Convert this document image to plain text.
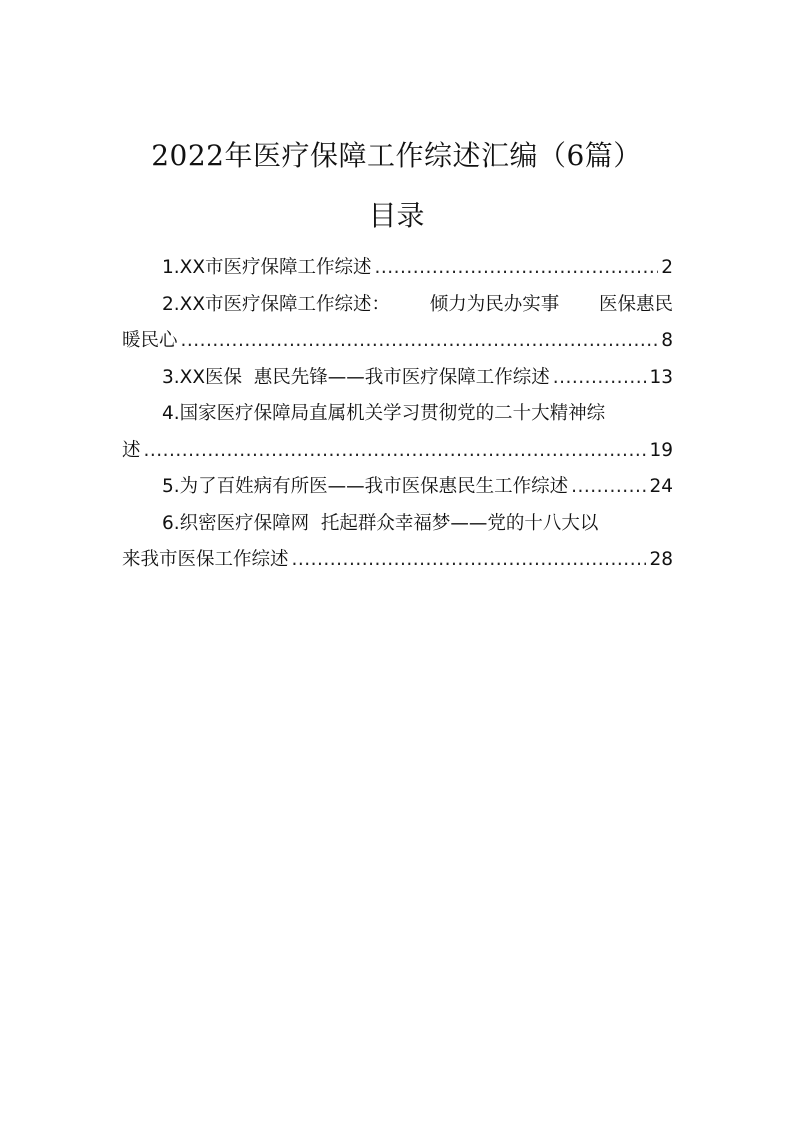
2022年医疗保障工作综述汇编（6篇）
目录
1.XX市医疗保障工作综述 .....	2
2.XX市医疗保障工作综述： 倾力为民办实事 医保惠民
暖民心 .....	8
3.XX医保  惠民先锋——我市医疗保障工作综述 .....	13
4.国家医疗保障局直属机关学习贯彻党的二十大精神综
述 .....	19
5.为了百姓病有所医——我市医保惠民生工作综述 .....	24
6.织密医疗保障网  托起群众幸福梦——党的十八大以
来我市医保工作综述 .....	28
